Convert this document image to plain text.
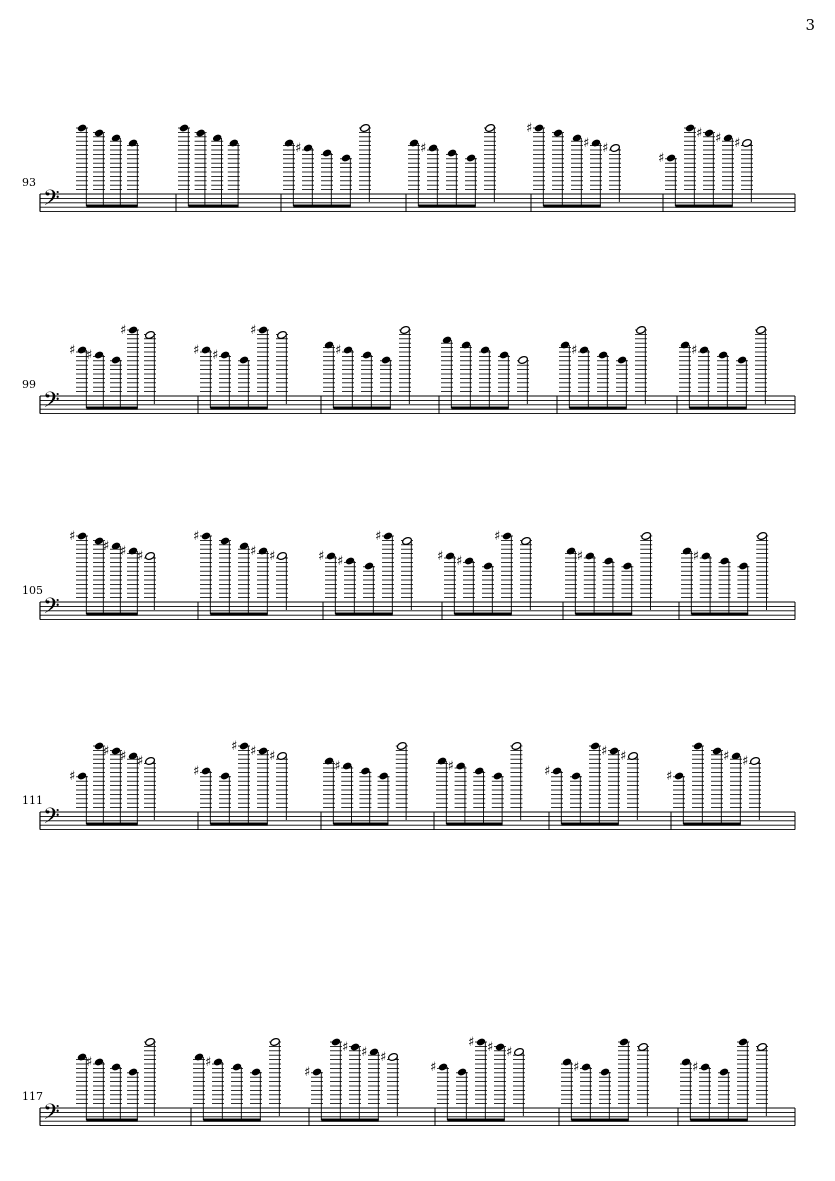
3
𝄢
♯	♯
♯
♯ ♯
♯
♯ ♯ ♯
𝄢
♯ ♯
♯
♯ ♯
♯
♯	♯	♯
𝄢
♯
♯ ♯ ♯
♯
♯ ♯	♯ ♯
♯
♯ ♯
♯
♯	♯
𝄢
♯
♯ ♯ ♯
♯
♯ ♯ ♯
♯	♯	♯
♯ ♯
♯
♯ ♯
𝄢
♯	♯
♯
♯ ♯ ♯
♯
♯ ♯ ♯
♯	♯
93
99
105
111
117
